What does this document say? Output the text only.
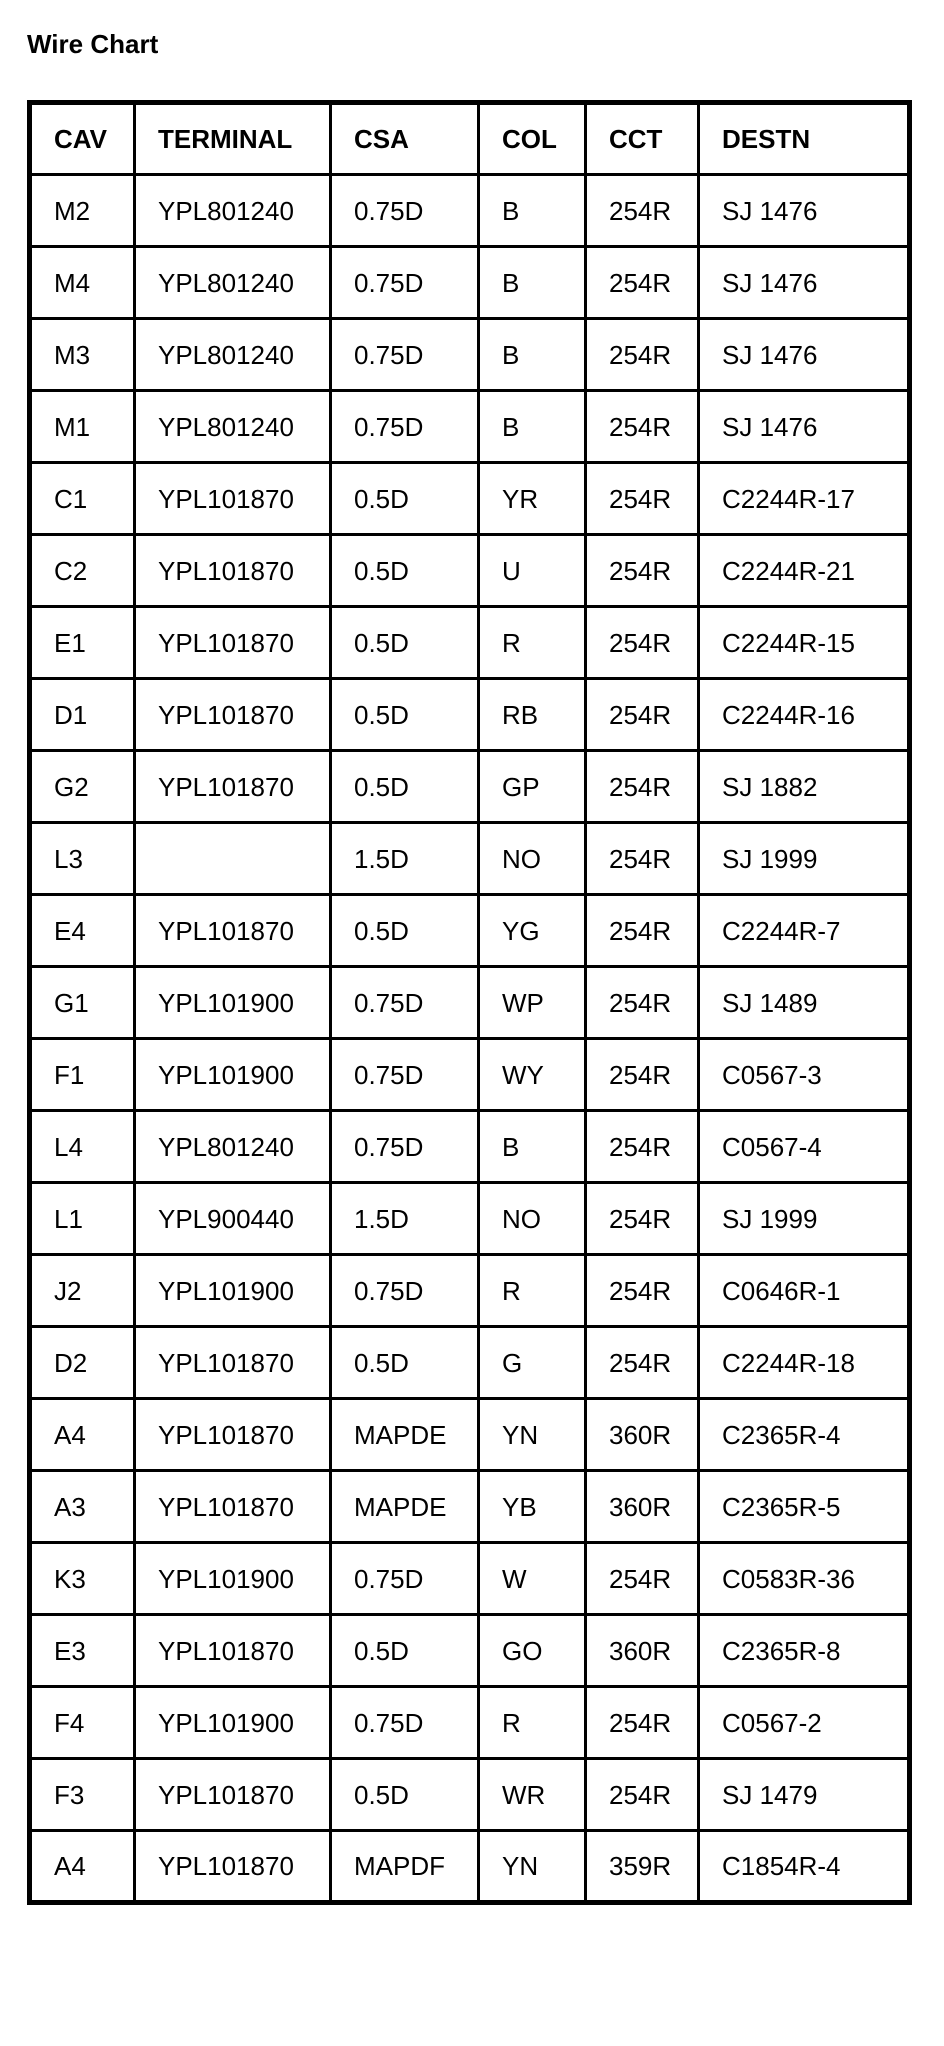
Wire Chart
CAV	TERMINAL	CSA	COL	CCT	DESTN
M2	YPL801240	0.75D	B	254R	SJ 1476
M4	YPL801240	0.75D	B	254R	SJ 1476
M3	YPL801240	0.75D	B	254R	SJ 1476
M1	YPL801240	0.75D	B	254R	SJ 1476
C1	YPL101870	0.5D	YR	254R	C2244R-17
C2	YPL101870	0.5D	U	254R	C2244R-21
E1	YPL101870	0.5D	R	254R	C2244R-15
D1	YPL101870	0.5D	RB	254R	C2244R-16
G2	YPL101870	0.5D	GP	254R	SJ 1882
L3		1.5D	NO	254R	SJ 1999
E4	YPL101870	0.5D	YG	254R	C2244R-7
G1	YPL101900	0.75D	WP	254R	SJ 1489
F1	YPL101900	0.75D	WY	254R	C0567-3
L4	YPL801240	0.75D	B	254R	C0567-4
L1	YPL900440	1.5D	NO	254R	SJ 1999
J2	YPL101900	0.75D	R	254R	C0646R-1
D2	YPL101870	0.5D	G	254R	C2244R-18
A4	YPL101870	MAPDE	YN	360R	C2365R-4
A3	YPL101870	MAPDE	YB	360R	C2365R-5
K3	YPL101900	0.75D	W	254R	C0583R-36
E3	YPL101870	0.5D	GO	360R	C2365R-8
F4	YPL101900	0.75D	R	254R	C0567-2
F3	YPL101870	0.5D	WR	254R	SJ 1479
A4	YPL101870	MAPDF	YN	359R	C1854R-4
